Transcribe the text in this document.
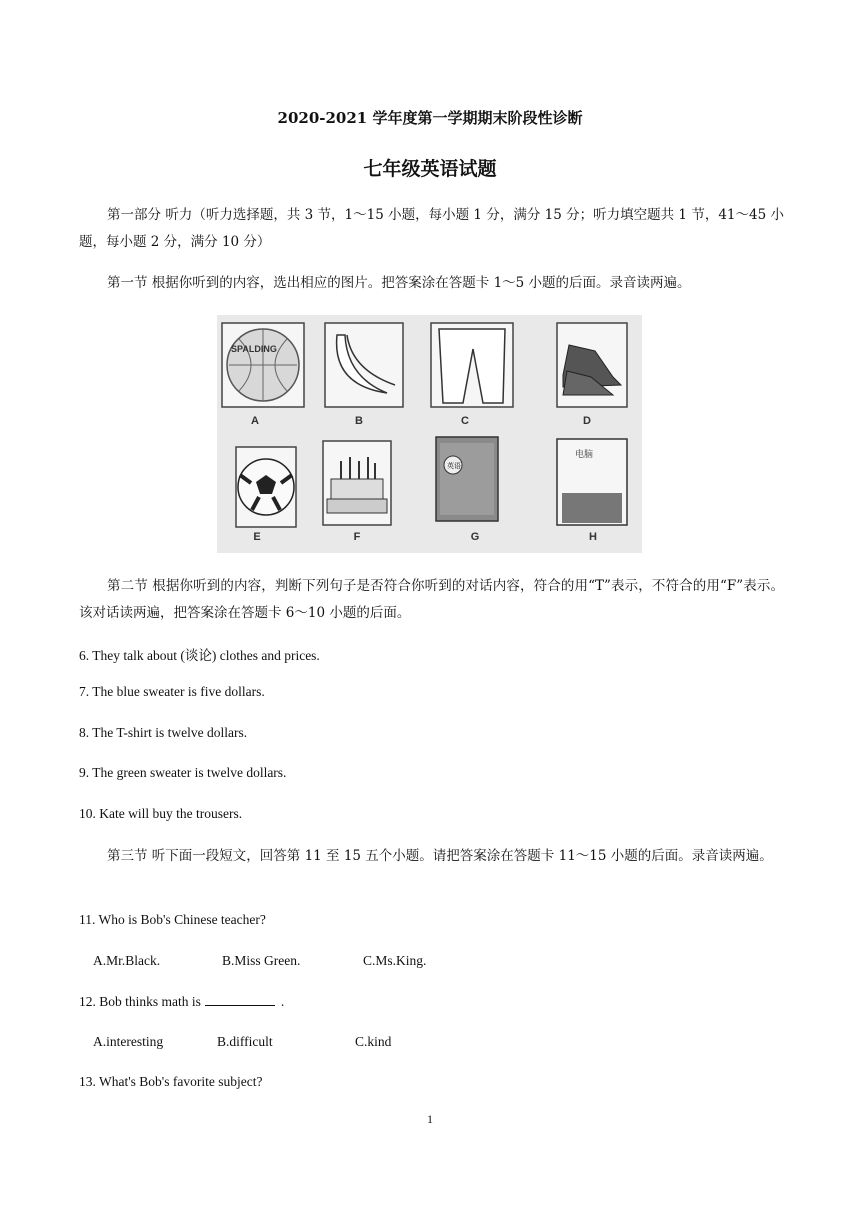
2020-2021 学年度第一学期期末阶段性诊断
七年级英语试题
第一部分 听力（听力选择题，共 3 节，1～15 小题，每小题 1 分，满分 15 分；听力填空题共 1 节，41～45 小题，每小题 2 分，满分 10 分）
第一节 根据你听到的内容，选出相应的图片。把答案涂在答题卡 1～5 小题的后面。录音读两遍。
A	B	C	D
E	F	G	H
SPALDING
英语
电脑
第二节 根据你听到的内容，判断下列句子是否符合你听到的对话内容，符合的用“T”表示，不符合的用“F”表示。该对话读两遍，把答案涂在答题卡 6～10 小题的后面。
6. They talk about (谈论) clothes and prices.
7. The blue sweater is five dollars.
8. The T-shirt is twelve dollars.
9. The green sweater is twelve dollars.
10. Kate will buy the trousers.
第三节 听下面一段短文，回答第 11 至 15 五个小题。请把答案涂在答题卡 11～15 小题的后面。录音读两遍。
11. Who is Bob's Chinese teacher?
A.Mr.Black.	B.Miss Green.	C.Ms.King.
12. Bob thinks math is	.
A.interesting	B.difficult	C.kind
13. What's Bob's favorite subject?
1
